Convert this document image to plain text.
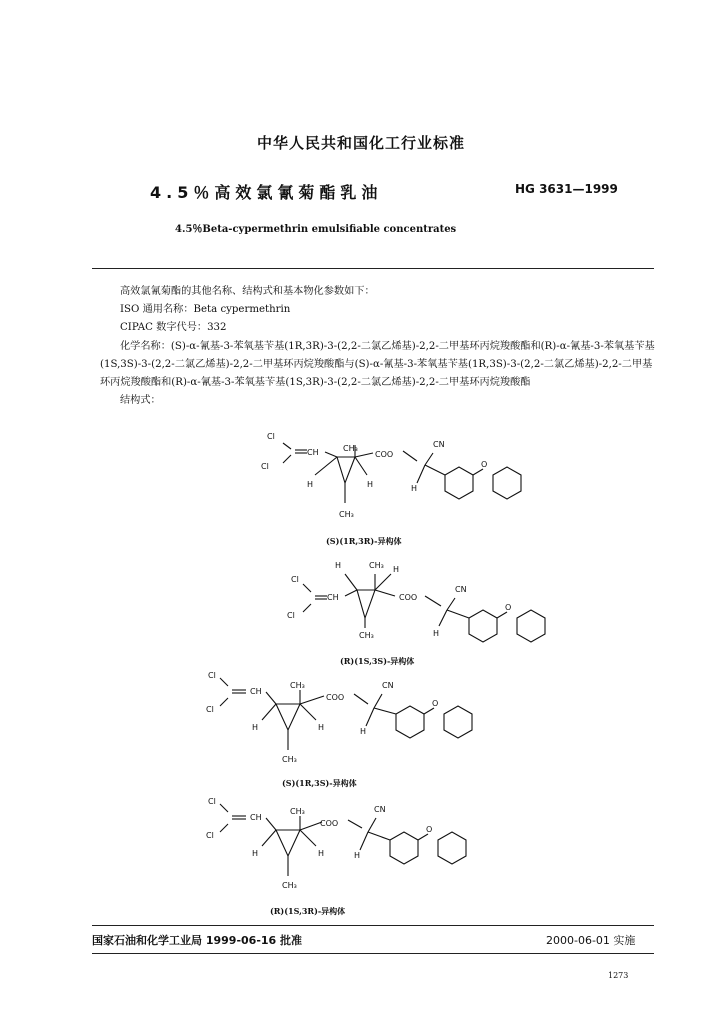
中华人民共和国化工行业标准
4.5％高效氯氰菊酯乳油	HG 3631—1999
4.5％Beta-cypermethrin emulsifiable concentrates

高效氯氰菊酯的其他名称、结构式和基本物化参数如下：

ISO 通用名称：Beta cypermethrin

CIPAC 数字代号：332

化学名称：(S)-α-氰基-3-苯氧基苄基(1R,3R)-3-(2,2-二氯乙烯基)-2,2-二甲基环丙烷羧酸酯和(R)-α-氰基-3-苯氧基苄基(1S,3S)-3-(2,2-二氯乙烯基)-2,2-二甲基环丙烷羧酸酯与(S)-α-氰基-3-苯氧基苄基(1R,3S)-3-(2,2-二氯乙烯基)-2,2-二甲基环丙烷羧酸酯和(R)-α-氰基-3-苯氧基苄基(1S,3R)-3-(2,2-二氯乙烯基)-2,2-二甲基环丙烷羧酸酯

结构式：

Cl
Cl
CH	CH₃
H	H
CH₃
COO
CN
H
O
(S)(1R,3R)-异构体
Cl
Cl
CH
H	CH₃ H
CH₃
COO
CN
H
O
(R)(1S,3S)-异构体
Cl
Cl
CH
CH₃
H	H
CH₃
COO
CN
H
O
(S)(1R,3S)-异构体
Cl
Cl
CH
CH₃
H	H
CH₃
COO
CN
H
O
(R)(1S,3R)-异构体
国家石油和化学工业局 1999-06-16 批准	2000-06-01 实施
1273
